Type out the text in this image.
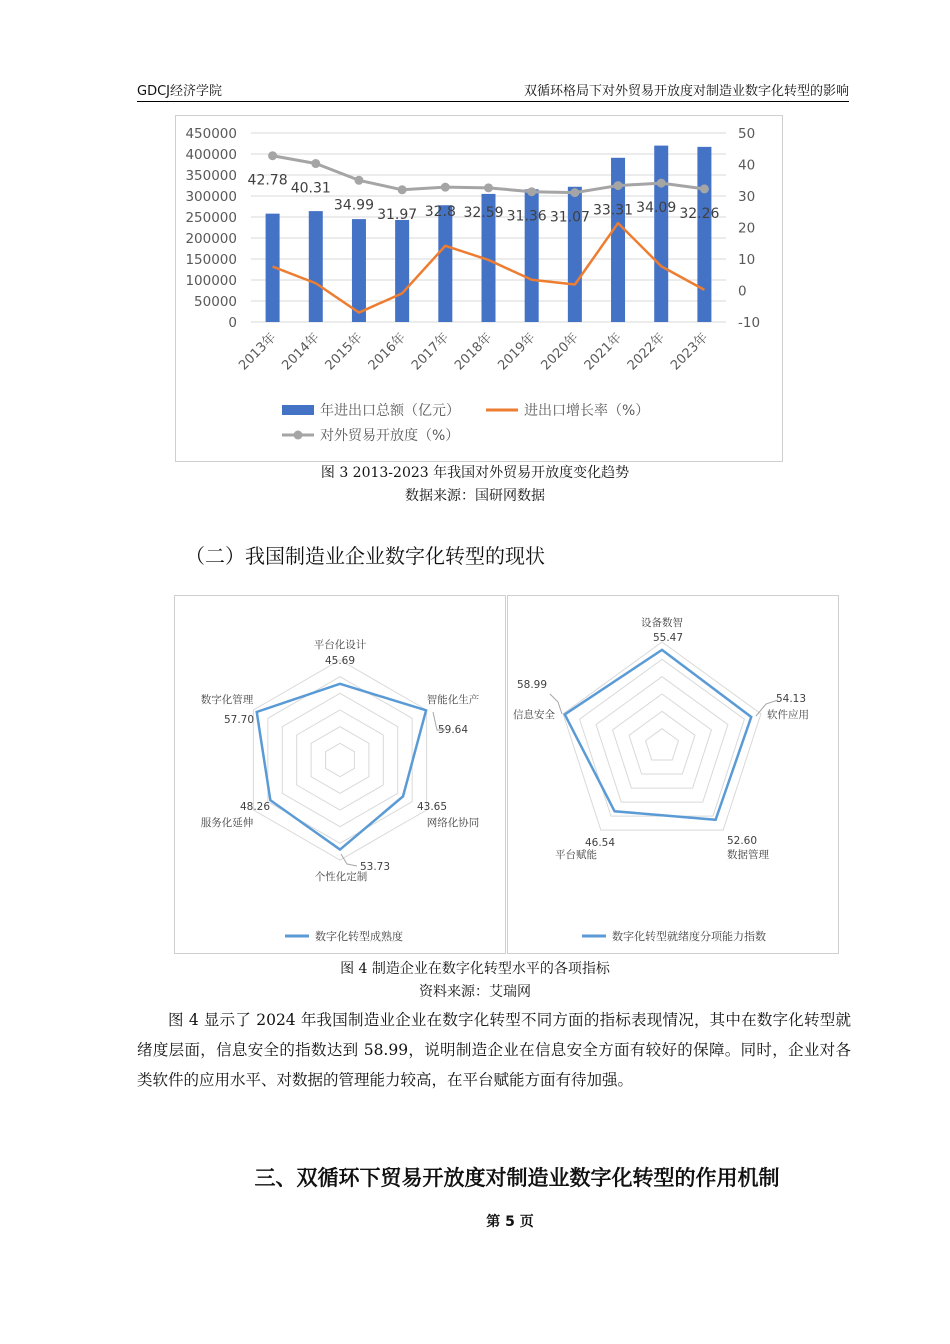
GDCJ经济学院	双循环格局下对外贸易开放度对制造业数字化转型的影响
0
50000
100000
150000
200000
250000
300000
350000
400000
450000
-10
0
10
20
30
40
50
2013年 2014年 2015年 2016年 2017年 2018年 2019年 2020年 2021年 2022年 2023年
42.78 40.31
34.99
31.97 32.8 32.59 31.36 31.07 33.31 34.09 32.26
年进出口总额（亿元）	进出口增长率（%）
对外贸易开放度（%）
图 3 2013-2023 年我国对外贸易开放度变化趋势
数据来源：国研网数据
（二）我国制造业企业数字化转型的现状
平台化设计
45.69
智能化生产
59.64
网络化协同
43.65
个性化定制
53.73
服务化延伸
48.26
数字化管理
57.70
数字化转型成熟度
设备数智
55.47
软件应用
54.13
数据管理
52.60
平台赋能
46.54
信息安全
58.99
数字化转型就绪度分项能力指数
图 4 制造企业在数字化转型水平的各项指标
资料来源：艾瑞网
图 4 显示了 2024 年我国制造业企业在数字化转型不同方面的指标表现情况，其中在数字化转型就绪度层面，信息安全的指数达到 58.99，说明制造企业在信息安全方面有较好的保障。同时，企业对各类软件的应用水平、对数据的管理能力较高，在平台赋能方面有待加强。
三、双循环下贸易开放度对制造业数字化转型的作用机制
第 5 页
